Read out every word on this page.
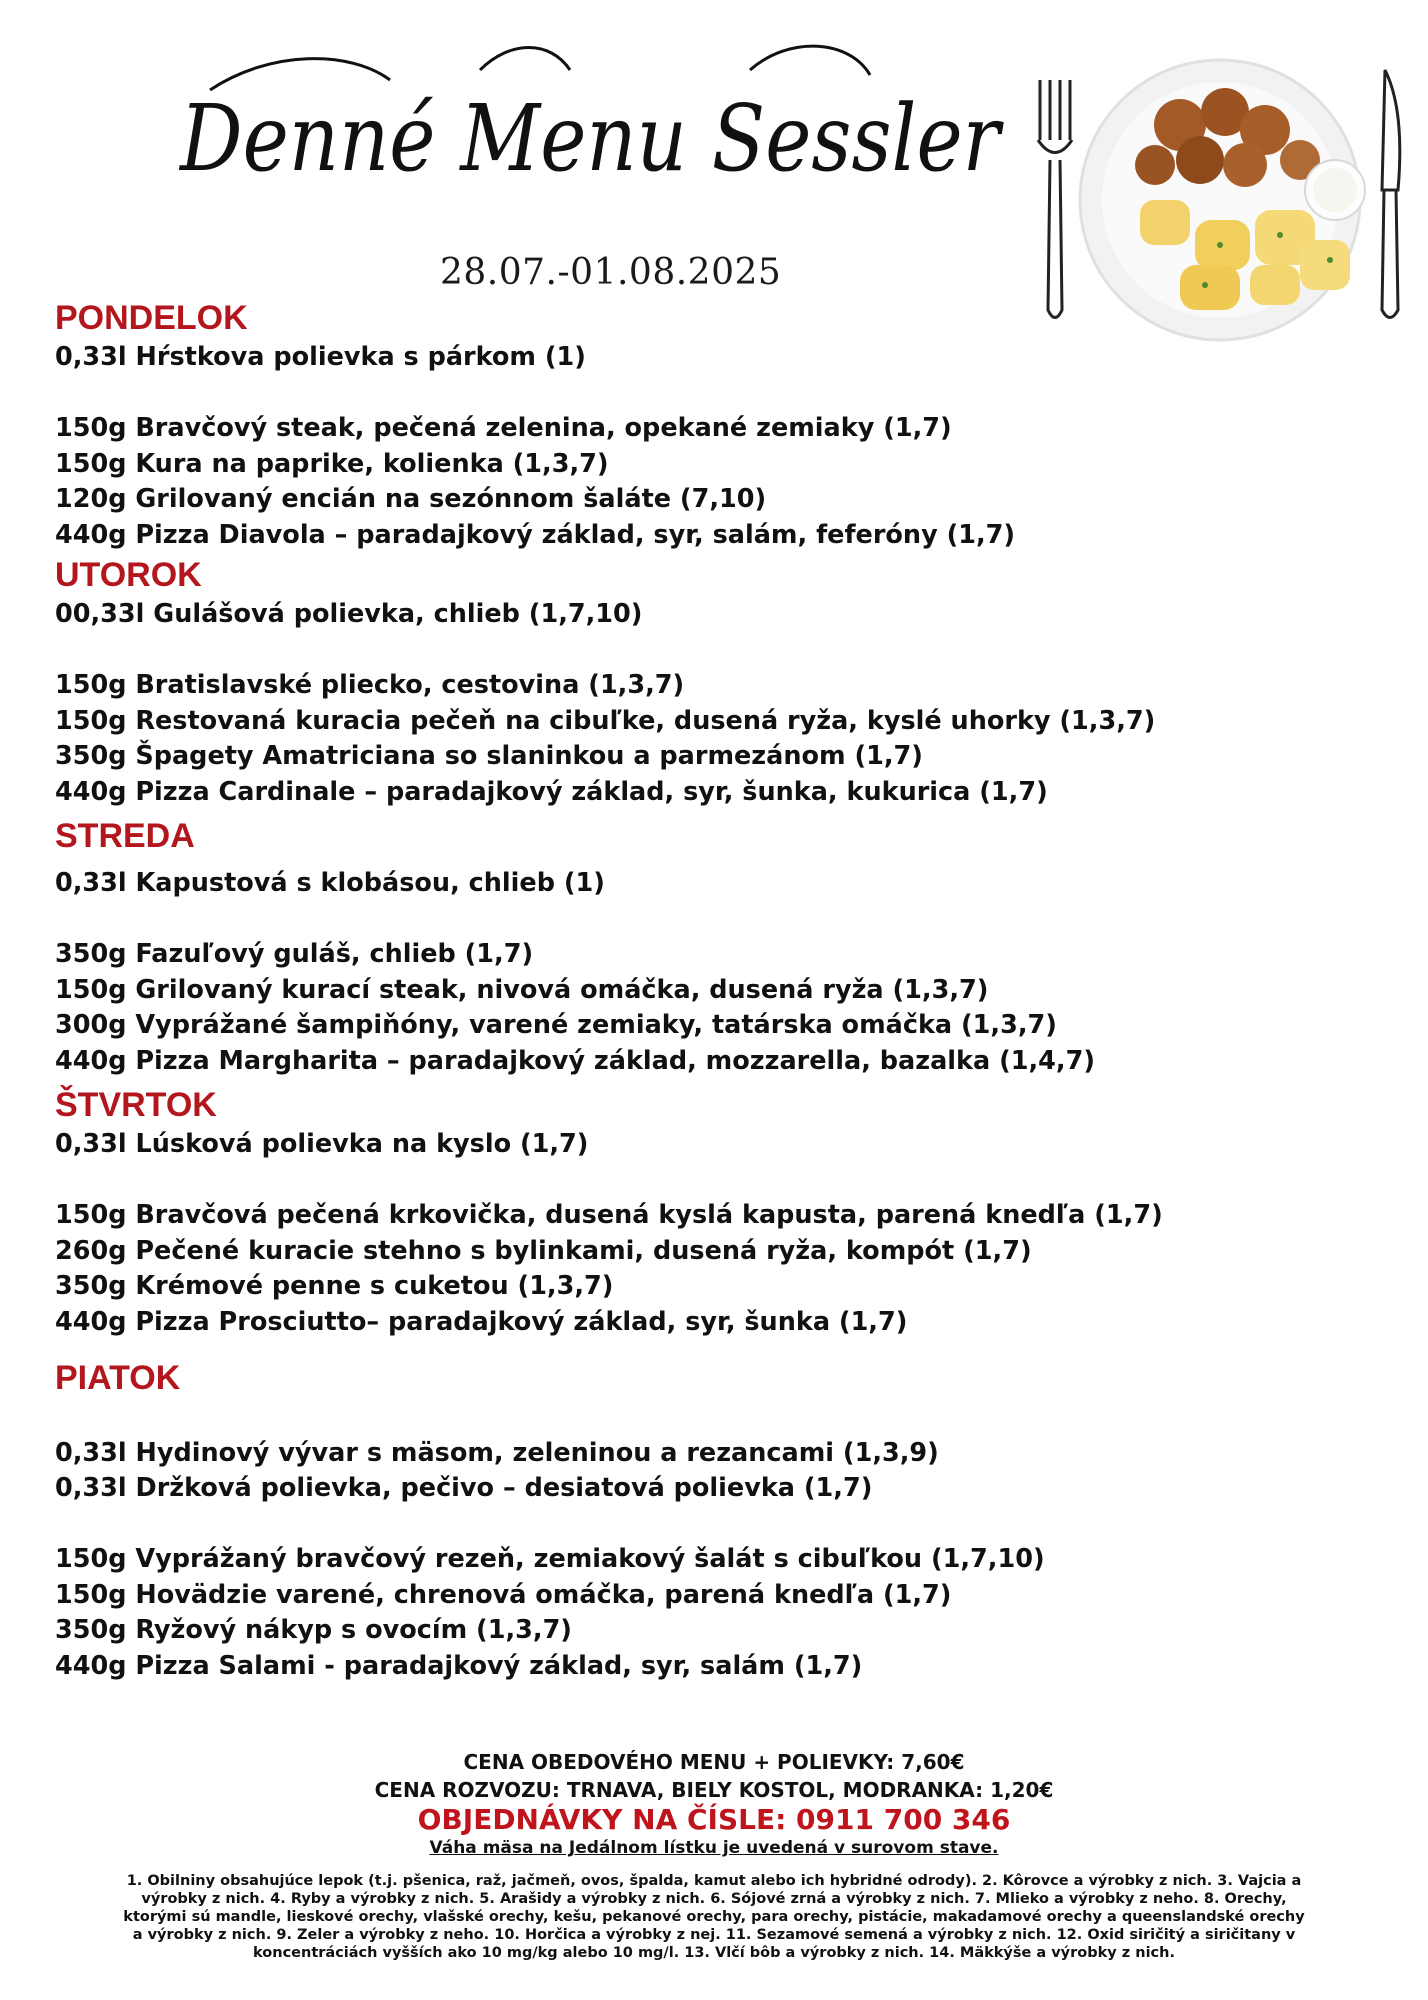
Denné Menu Sessler
28.07.-01.08.2025
PONDELOK
0,33l Hŕstkova polievka s párkom (1)
150g Bravčový steak, pečená zelenina, opekané zemiaky (1,7)
150g Kura na paprike, kolienka (1,3,7)
120g Grilovaný encián na sezónnom šaláte (7,10)
440g Pizza Diavola – paradajkový základ, syr, salám, feferóny (1,7)
UTOROK
00,33l Gulášová polievka, chlieb (1,7,10)
150g Bratislavské pliecko, cestovina (1,3,7)
150g Restovaná kuracia pečeň na cibuľke, dusená ryža, kyslé uhorky (1,3,7)
350g Špagety Amatriciana so slaninkou a parmezánom (1,7)
440g Pizza Cardinale – paradajkový základ, syr, šunka, kukurica (1,7)
STREDA
0,33l Kapustová s klobásou, chlieb (1)
350g Fazuľový guláš, chlieb (1,7)
150g Grilovaný kurací steak, nivová omáčka, dusená ryža (1,3,7)
300g Vyprážané šampiňóny, varené zemiaky, tatárska omáčka (1,3,7)
440g Pizza Margharita – paradajkový základ, mozzarella, bazalka (1,4,7)
ŠTVRTOK
0,33l Lúsková polievka na kyslo (1,7)
150g Bravčová pečená krkovička, dusená kyslá kapusta, parená knedľa (1,7)
260g Pečené kuracie stehno s bylinkami, dusená ryža, kompót (1,7)
350g Krémové penne s cuketou (1,3,7)
440g Pizza Prosciutto– paradajkový základ, syr, šunka (1,7)
PIATOK
0,33l Hydinový vývar s mäsom, zeleninou a rezancami (1,3,9)
0,33l Držková polievka, pečivo – desiatová polievka (1,7)
150g Vyprážaný bravčový rezeň, zemiakový šalát s cibuľkou (1,7,10)
150g Hovädzie varené, chrenová omáčka, parená knedľa (1,7)
350g Ryžový nákyp s ovocím (1,3,7)
440g Pizza Salami - paradajkový základ, syr, salám (1,7)
CENA OBEDOVÉHO MENU + POLIEVKY: 7,60€
CENA ROZVOZU: TRNAVA, BIELY KOSTOL, MODRANKA: 1,20€
OBJEDNÁVKY NA ČÍSLE: 0911 700 346
Váha mäsa na Jedálnom lístku je uvedená v surovom stave.
1. Obilniny obsahujúce lepok (t.j. pšenica, raž, jačmeň, ovos, špalda, kamut alebo ich hybridné odrody). 2. Kôrovce a výrobky z nich. 3. Vajcia a výrobky z nich. 4. Ryby a výrobky z nich. 5. Arašidy a výrobky z nich. 6. Sójové zrná a výrobky z nich. 7. Mlieko a výrobky z neho. 8. Orechy, ktorými sú mandle, lieskové orechy, vlašské orechy, kešu, pekanové orechy, para orechy, pistácie, makadamové orechy a queenslandské orechy a výrobky z nich. 9. Zeler a výrobky z neho. 10. Horčica a výrobky z nej. 11. Sezamové semená a výrobky z nich. 12. Oxid siričitý a siričitany v koncentráciách vyšších ako 10 mg/kg alebo 10 mg/l. 13. Vlčí bôb a výrobky z nich. 14. Mäkkýše a výrobky z nich.
